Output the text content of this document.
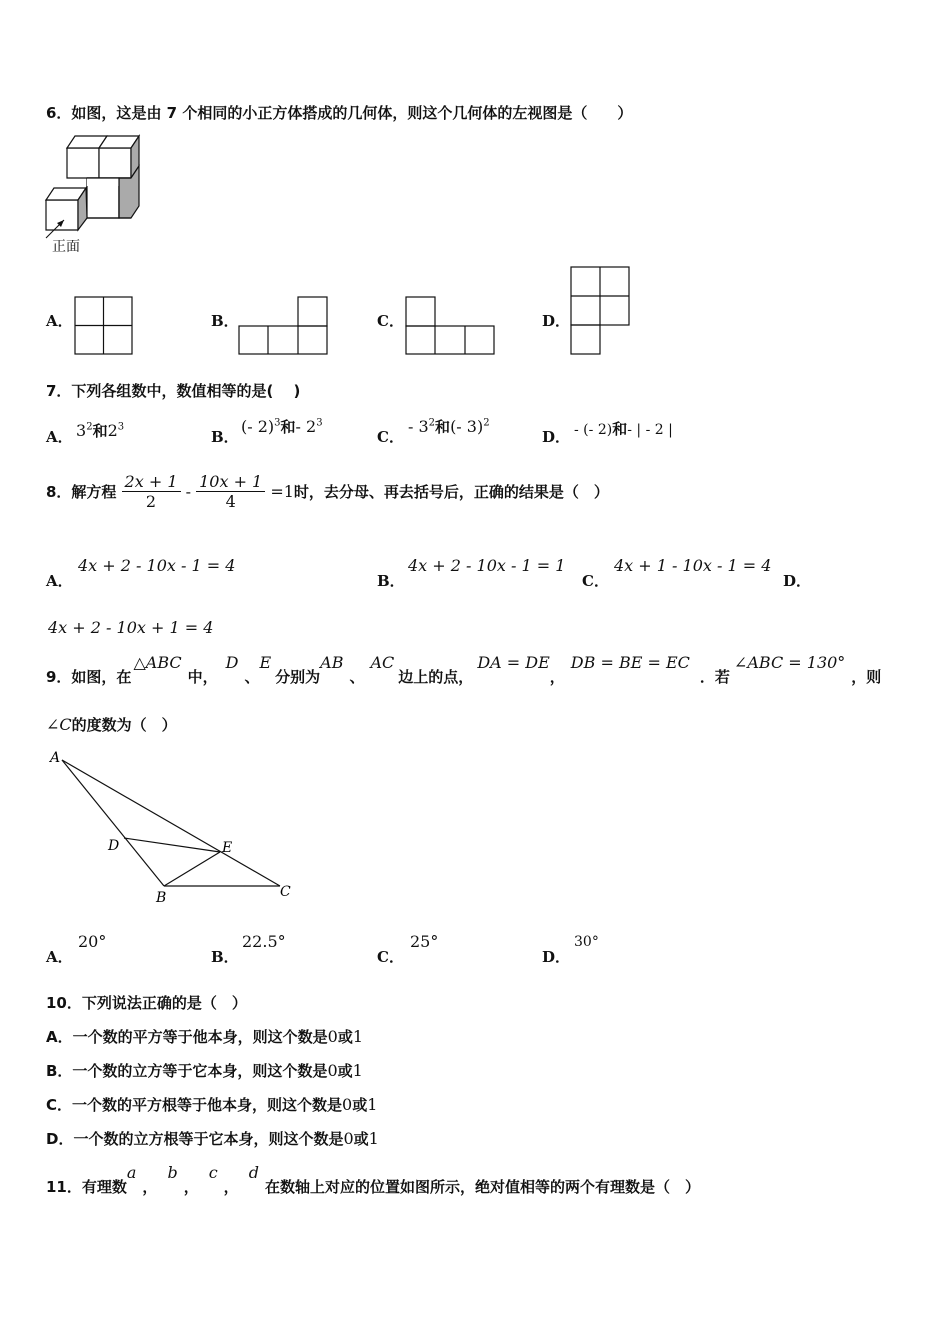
6．如图，这是由 7 个相同的小正方体搭成的几何体，则这个几何体的左视图是（　　）
正面
A．	B．	C．	D．
7．下列各组数中，数值相等的是(　 )
A． $3^2$和$2^3$
B．
(- 2)$^3$和- $2^3$
C．
- $3^2$和(- 3)$^2$
D． - (- 2)和- | - 2 |
8．解方程 $\frac{2x + 1}{2} - \frac{10x + 1}{4} =1$时，去分母、再去括号后，正确的结果是（　）
A．
4x + 2 - 10x - 1 = 4
B．
4x + 2 - 10x - 1 = 1
C．
4x + 1 - 10x - 1 = 4
D．
4x + 2 - 10x + 1 = 4
9．如图，在△ABC中，D、E分别为AB、AC边上的点，DA = DE，DB = BE = EC．若∠ABC = 130°，则
∠C的度数为（　）
A
D	E
B	C
A．
20°
B．
22.5°
C．
25°
D．
30°
10．下列说法正确的是（　）
A．一个数的平方等于他本身，则这个数是0或1
B．一个数的立方等于它本身，则这个数是0或1
C．一个数的平方根等于他本身，则这个数是0或1
D．一个数的立方根等于它本身，则这个数是0或1
11．有理数a，b，c，d在数轴上对应的位置如图所示，绝对值相等的两个有理数是（　）
